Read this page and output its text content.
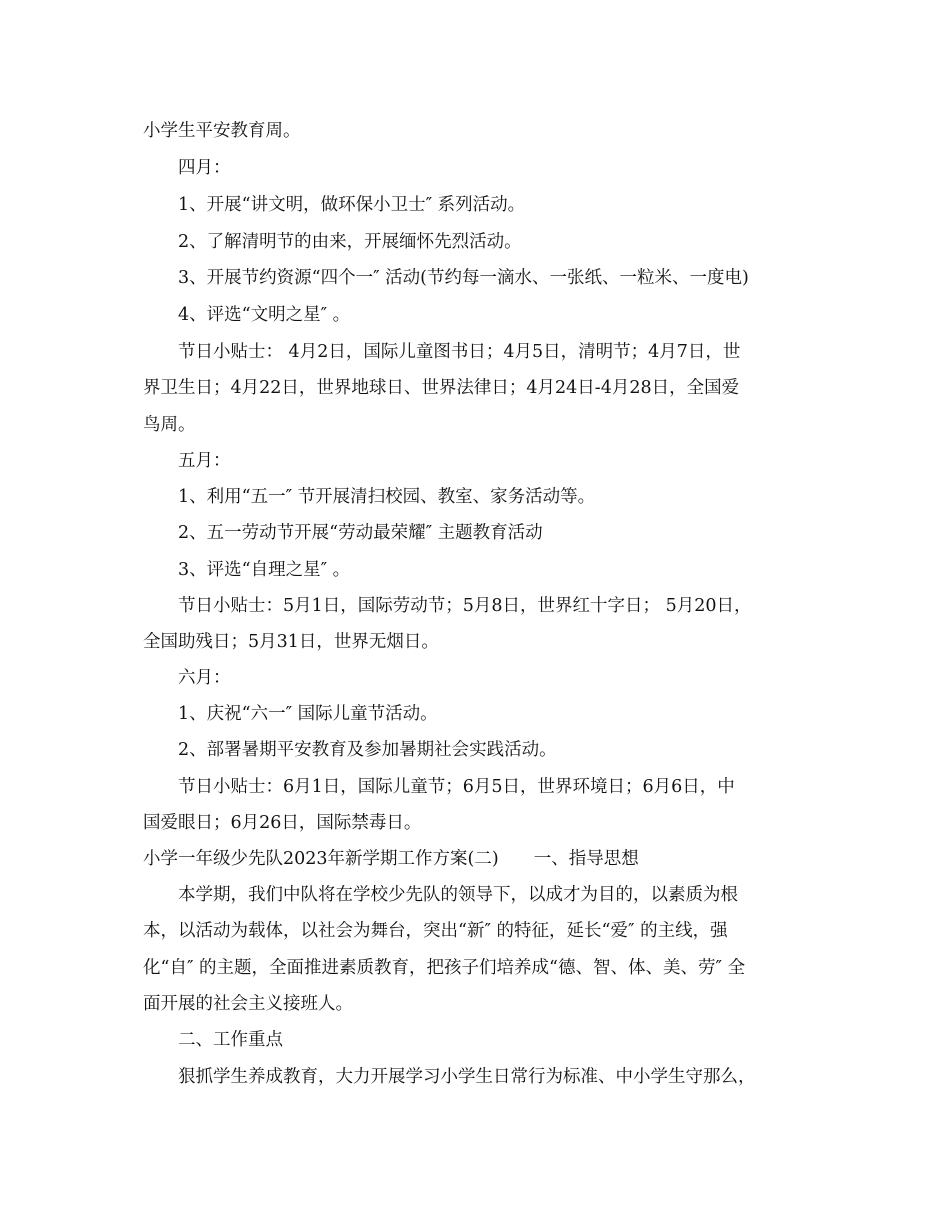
小学生平安教育周。
四月：
1、开展“讲文明，做环保小卫士″ 系列活动。
2、了解清明节的由来，开展缅怀先烈活动。
3、开展节约资源“四个一″ 活动(节约每一滴水、一张纸、一粒米、一度电)
4、评选“文明之星″ 。
节日小贴士： 4月2日，国际儿童图书日；4月5日，清明节；4月7日，世
界卫生日；4月22日，世界地球日、世界法律日；4月24日-4月28日，全国爱
鸟周。
五月：
1、利用“五一″ 节开展清扫校园、教室、家务活动等。
2、五一劳动节开展“劳动最荣耀″ 主题教育活动
3、评选“自理之星″ 。
节日小贴士：5月1日，国际劳动节；5月8日，世界红十字日； 5月20日，
全国助残日；5月31日，世界无烟日。
六月：
1、庆祝“六一″ 国际儿童节活动。
2、部署暑期平安教育及参加暑期社会实践活动。
节日小贴士：6月1日，国际儿童节；6月5日，世界环境日；6月6日，中
国爱眼日；6月26日，国际禁毒日。
小学一年级少先队2023年新学期工作方案(二)　　一、指导思想
本学期，我们中队将在学校少先队的领导下，以成才为目的，以素质为根
本，以活动为载体，以社会为舞台，突出“新″ 的特征，延长“爱″ 的主线，强
化“自″ 的主题，全面推进素质教育，把孩子们培养成“德、智、体、美、劳″ 全
面开展的社会主义接班人。
二、工作重点
狠抓学生养成教育，大力开展学习小学生日常行为标准、中小学生守那么，
